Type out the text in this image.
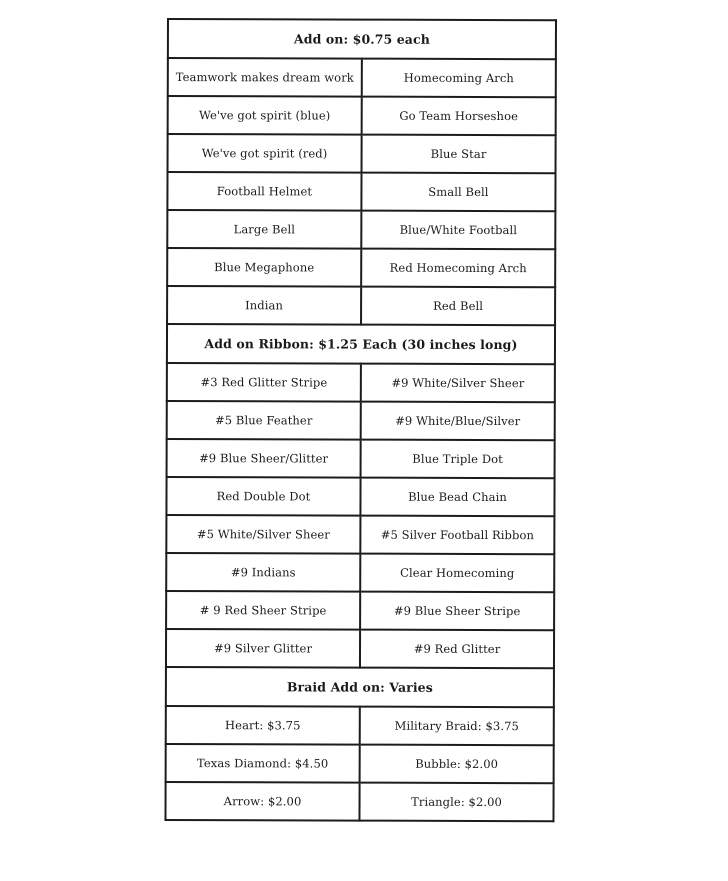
Add on: $0.75 each	
Teamwork makes dream work	Homecoming Arch
We've got spirit (blue)	Go Team Horseshoe
We've got spirit (red)	Blue Star
Football Helmet	Small Bell
Large Bell	Blue/White Football
Blue Megaphone	Red Homecoming Arch
Indian	Red Bell
Add on Ribbon: $1.25 Each (30 inches long)	
#3 Red Glitter Stripe	#9 White/Silver Sheer
#5 Blue Feather	#9 White/Blue/Silver
#9 Blue Sheer/Glitter	Blue Triple Dot
Red Double Dot	Blue Bead Chain
#5 White/Silver Sheer	#5 Silver Football Ribbon
#9 Indians	Clear Homecoming
# 9 Red Sheer Stripe	#9 Blue Sheer Stripe
#9 Silver Glitter	#9 Red Glitter
Braid Add on: Varies	
Heart: $3.75	Military Braid: $3.75
Texas Diamond: $4.50	Bubble: $2.00
Arrow: $2.00	Triangle: $2.00
